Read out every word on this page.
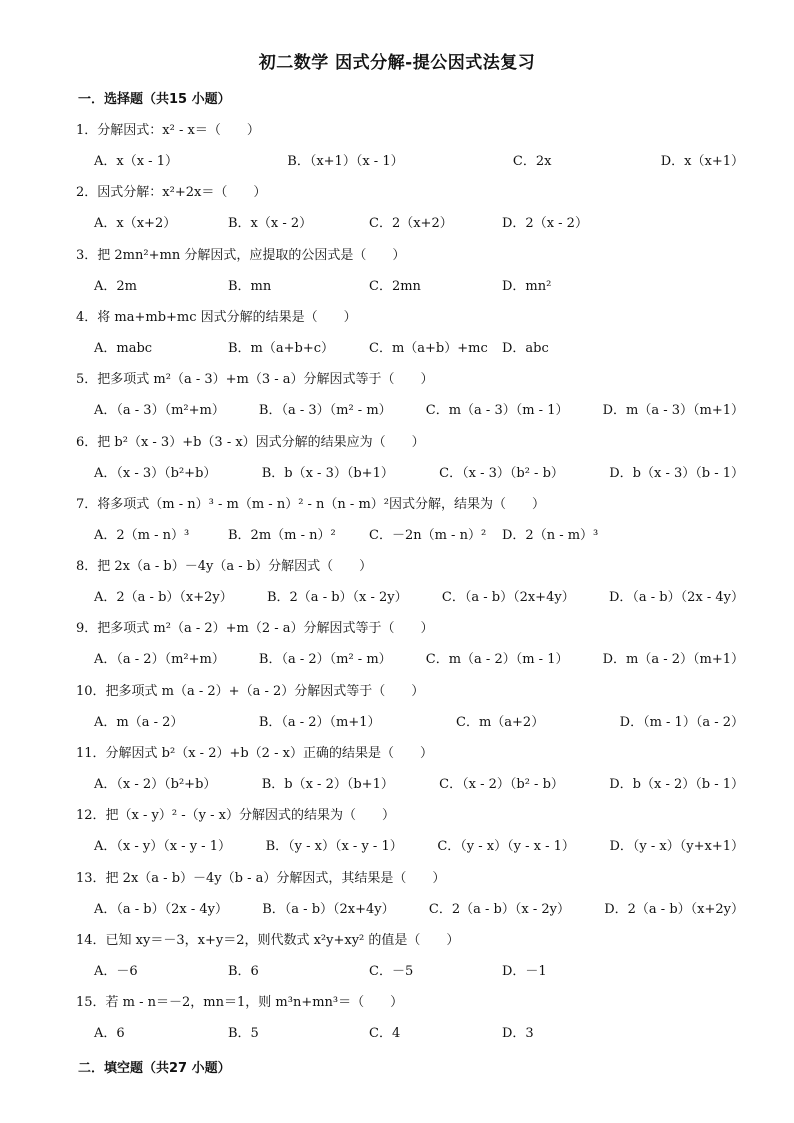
初二数学 因式分解-提公因式法复习
一．选择题（共15 小题）
1．分解因式：x² - x＝（　　）
A．x（x - 1）	B．（x+1）（x - 1）	C．2x	D．x（x+1）
2．因式分解：x²+2x＝（　　）
A．x（x+2）	B．x（x - 2）	C．2（x+2）	D．2（x - 2）
3．把 2mn²+mn 分解因式，应提取的公因式是（　　）
A．2m	B．mn	C．2mn	D．mn²
4．将 ma+mb+mc 因式分解的结果是（　　）
A．mabc	B．m（a+b+c）	C．m（a+b）+mc D．abc
5．把多项式 m²（a - 3）+m（3 - a）分解因式等于（　　）
A．（a - 3）（m²+m）	B．（a - 3）（m² - m）	C．m（a - 3）（m - 1）	D．m（a - 3）（m+1）
6．把 b²（x - 3）+b（3 - x）因式分解的结果应为（　　）
A．（x - 3）（b²+b）	B．b（x - 3）（b+1）	C．（x - 3）（b² - b）	D．b（x - 3）（b - 1）
7．将多项式（m - n）³ - m（m - n）² - n（n - m）²因式分解，结果为（　　）
A．2（m - n）³	B．2m（m - n）²	C．－2n（m - n）² D．2（n - m）³
8．把 2x（a - b）－4y（a - b）分解因式（　　）
A．2（a - b）（x+2y）	B．2（a - b）（x - 2y）	C．（a - b）（2x+4y）	D．（a - b）（2x - 4y）
9．把多项式 m²（a - 2）+m（2 - a）分解因式等于（　　）
A．（a - 2）（m²+m）	B．（a - 2）（m² - m）	C．m（a - 2）（m - 1）	D．m（a - 2）（m+1）
10．把多项式 m（a - 2）+（a - 2）分解因式等于（　　）
A．m（a - 2）	B．（a - 2）（m+1）	C．m（a+2）	D．（m - 1）（a - 2）
11．分解因式 b²（x - 2）+b（2 - x）正确的结果是（　　）
A．（x - 2）（b²+b）	B．b（x - 2）（b+1）	C．（x - 2）（b² - b）	D．b（x - 2）（b - 1）
12．把（x - y）² -（y - x）分解因式的结果为（　　）
A．（x - y）（x - y - 1）	B．（y - x）（x - y - 1）	C．（y - x）（y - x - 1）	D．（y - x）（y+x+1）
13．把 2x（a - b）－4y（b - a）分解因式，其结果是（　　）
A．（a - b）（2x - 4y）	B．（a - b）（2x+4y）	C．2（a - b）（x - 2y）	D．2（a - b）（x+2y）
14．已知 xy＝－3，x+y＝2，则代数式 x²y+xy² 的值是（　　）
A．－6	B．6	C．－5	D．－1
15．若 m - n＝－2，mn＝1，则 m³n+mn³＝（　　）
A．6	B．5	C．4	D．3
二．填空题（共27 小题）
